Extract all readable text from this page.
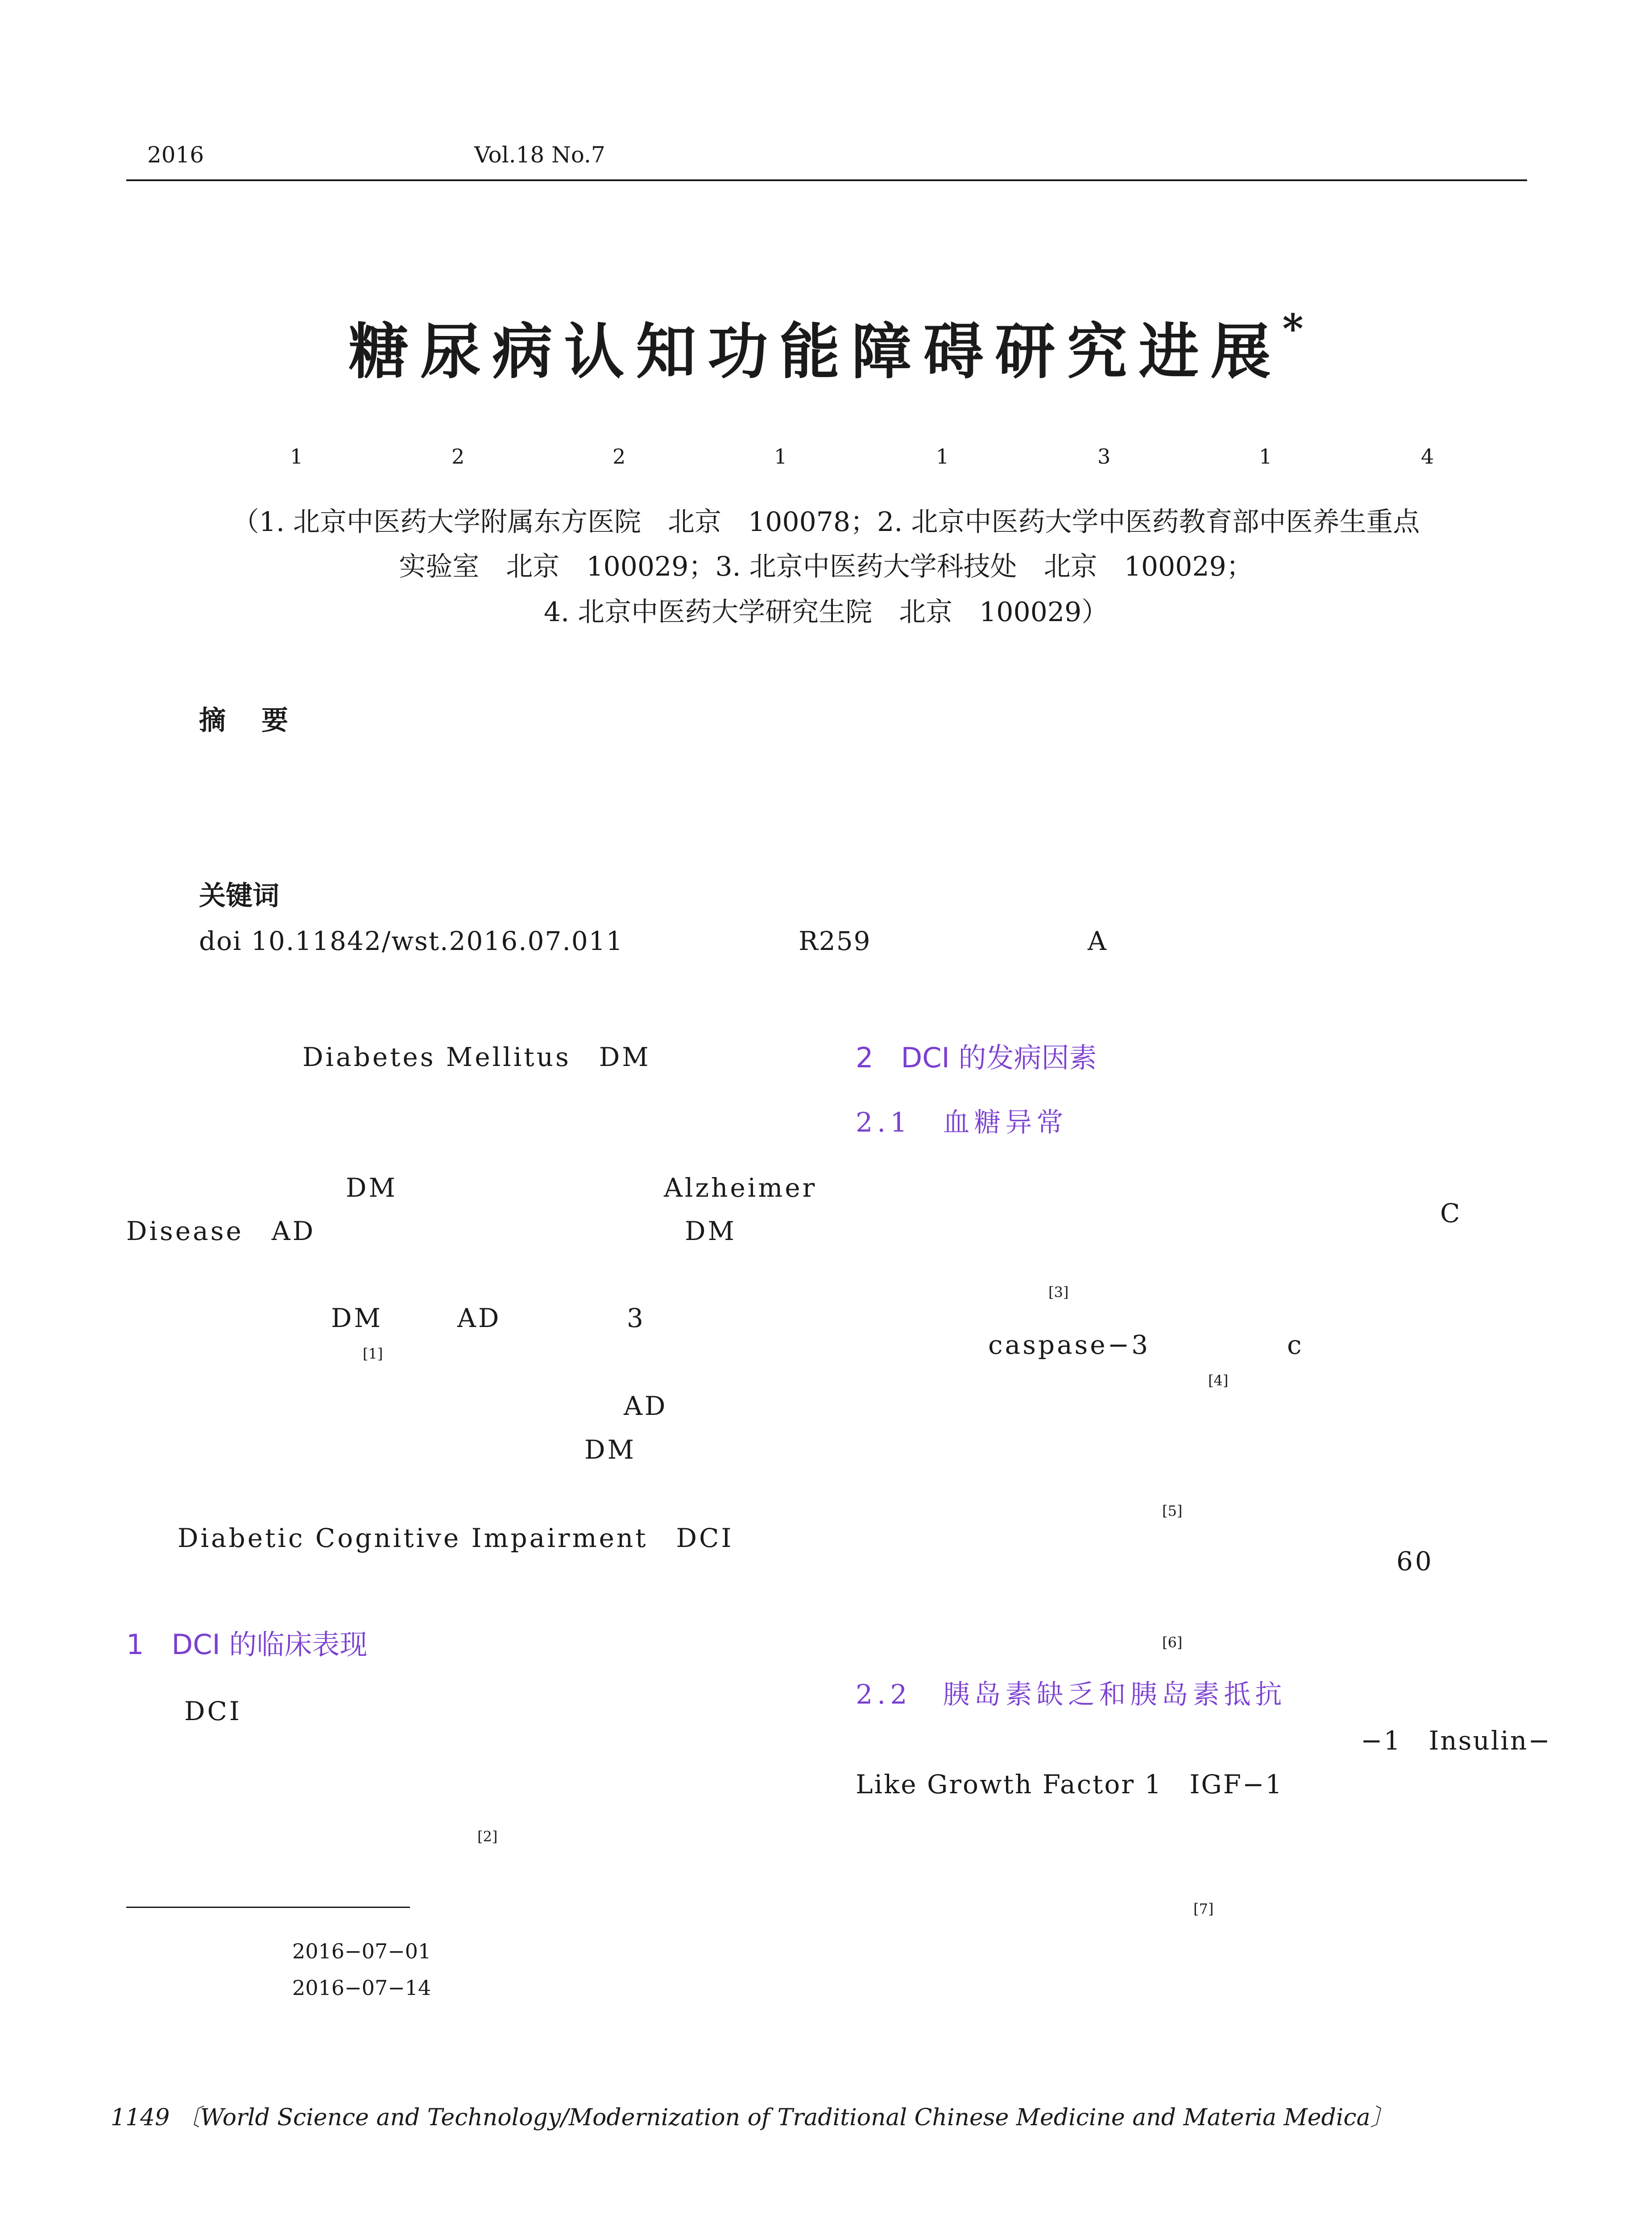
2016	Vol.18 No.7
糖尿病认知功能障碍研究进展*
1	2	2	1	1	3	1	4
（1. 北京中医药大学附属东方医院　北京　100078；2. 北京中医药大学中医药教育部中医养生重点
实验室　北京　100029；3. 北京中医药大学科技处　北京　100029；
4. 北京中医药大学研究生院　北京　100029）
摘　要
关键词
doi 10.11842/wst.2016.07.011	R259	A
Diabetes Mellitus　DM
DM	Alzheimer
Disease　AD	DM
DM	AD	3
[1]
AD
DM
Diabetic Cognitive Impairment　DCI
1　DCI 的临床表现
DCI
[2]
2　DCI 的发病因素
2.1　血糖异常
C
[3]
caspase−3	c
[4]
[5]
60
[6]
2.2　胰岛素缺乏和胰岛素抵抗
−1　Insulin−
Like Growth Factor 1　IGF−1
[7]
2016−07−01
2016−07−14
1149 〔World Science and Technology/Modernization of Traditional Chinese Medicine and Materia Medica〕
